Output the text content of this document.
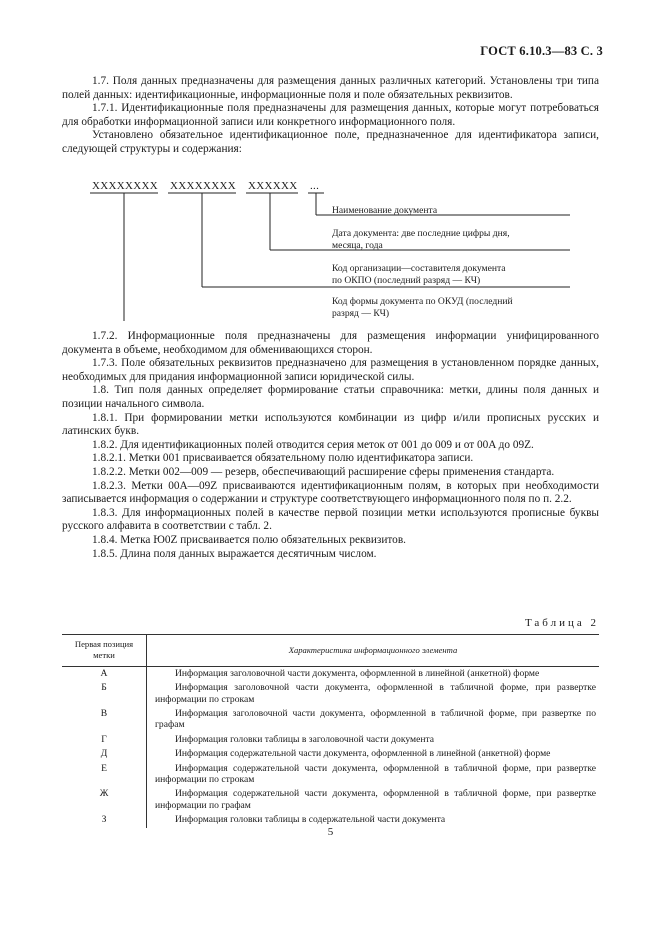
ГОСТ 6.10.3—83 С. 3

1.7. Поля данных предназначены для размещения данных различных категорий. Установлены три типа полей данных: идентификационные, информационные поля и поле обязательных реквизитов.

1.7.1. Идентификационные поля предназначены для размещения данных, которые могут потребоваться для обработки информационной записи или конкретного информационного поля.

Установлено обязательное идентификационное поле, предназначенное для идентификатора записи, следующей структуры и содержания:

XXXXXXXX XXXXXXXX XXXXXX ...
Наименование документа
Дата документа: две последние цифры дня,
месяца, года
Код организации—составителя документа
по ОКПО (последний разряд — КЧ)
Код формы документа по ОКУД (последний
разряд — КЧ)

1.7.2. Информационные поля предназначены для размещения информации унифицированного документа в объеме, необходимом для обменивающихся сторон.

1.7.3. Поле обязательных реквизитов предназначено для размещения в установленном порядке данных, необходимых для придания информационной записи юридической силы.

1.8. Тип поля данных определяет формирование статьи справочника: метки, длины поля данных и позиции начального символа.

1.8.1. При формировании метки используются комбинации из цифр и/или прописных русских и латинских букв.

1.8.2. Для идентификационных полей отводится серия меток от 001 до 009 и от 00A до 09Z.

1.8.2.1. Метки 001 присваивается обязательному полю идентификатора записи.

1.8.2.2. Метки 002—009 — резерв, обеспечивающий расширение сферы применения стандарта.

1.8.2.3. Метки 00A—09Z присваиваются идентификационным полям, в которых при необходимости записывается информация о содержании и структуре соответствующего информационного поля по п. 2.2.

1.8.3. Для информационных полей в качестве первой позиции метки используются прописные буквы русского алфавита в соответствии с табл. 2.

1.8.4. Метка Ю0Z присваивается полю обязательных реквизитов.

1.8.5. Длина поля данных выражается десятичным числом.

Таблица 2
Первая позиция метки	Характеристика информационного элемента
А	Информация заголовочной части документа, оформленной в линейной (анкетной) форме
Б	Информация заголовочной части документа, оформленной в табличной форме, при развертке информации по строкам
В	Информация заголовочной части документа, оформленной в табличной форме, при развертке по графам
Г	Информация головки таблицы в заголовочной части документа
Д	Информация содержательной части документа, оформленной в линейной (анкетной) форме
Е	Информация содержательной части документа, оформленной в табличной форме, при развертке информации по строкам
Ж	Информация содержательной части документа, оформленной в табличной форме, при развертке информации по графам
З	Информация головки таблицы в содержательной части документа
5
